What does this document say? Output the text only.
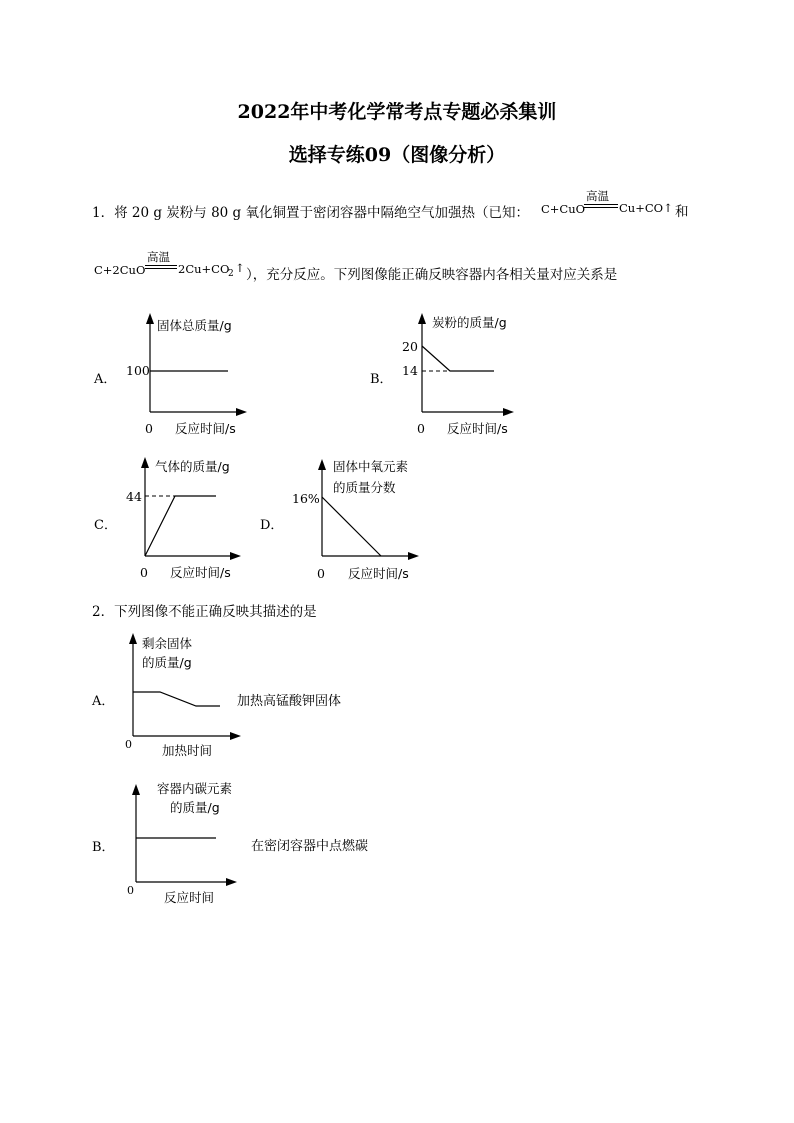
2022年中考化学常考点专题必杀集训
选择专练09（图像分析）
1．将 20 g 炭粉与 80 g 氧化铜置于密闭容器中隔绝空气加强热（已知： C+CuO
高温
Cu+CO↑ 和
C+2CuO
高温
2Cu+CO
2 ↑ ），充分反应。下列图像能正确反映容器内各相关量对应关系是
A．
固体总质量/g
100
0 反应时间/s
B．
炭粉的质量/g
20
14
0 反应时间/s
C．
气体的质量/g
44
0 反应时间/s
D．
固体中氧元素
的质量分数
16%
0 反应时间/s
2．下列图像不能正确反映其描述的是
A．
剩余固体
的质量/g
0 加热时间
加热高锰酸钾固体
B．
容器内碳元素
的质量/g
0 反应时间
在密闭容器中点燃碳
